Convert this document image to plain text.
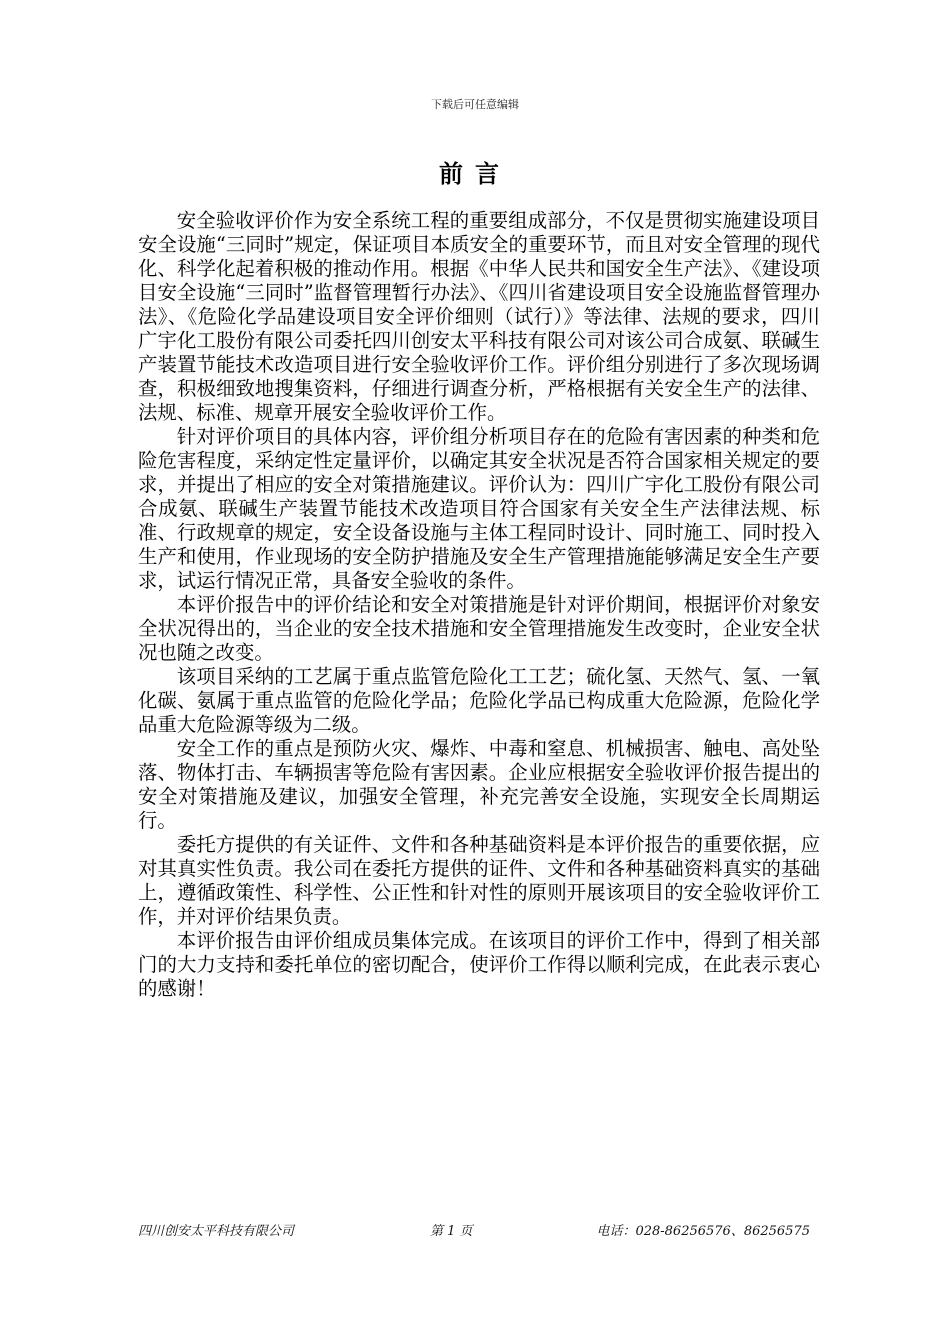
下载后可任意编辑
前言

安全验收评价作为安全系统工程的重要组成部分，不仅是贯彻实施建设项目安全设施“三同时”规定，保证项目本质安全的重要环节，而且对安全管理的现代化、科学化起着积极的推动作用。根据《中华人民共和国安全生产法》、《建设项目安全设施“三同时”监督管理暂行办法》、《四川省建设项目安全设施监督管理办法》、《危险化学品建设项目安全评价细则（试行）》等法律、法规的要求，四川广宇化工股份有限公司委托四川创安太平科技有限公司对该公司合成氨、联碱生产装置节能技术改造项目进行安全验收评价工作。评价组分别进行了多次现场调查，积极细致地搜集资料，仔细进行调查分析，严格根据有关安全生产的法律、法规、标准、规章开展安全验收评价工作。

针对评价项目的具体内容，评价组分析项目存在的危险有害因素的种类和危险危害程度，采纳定性定量评价，以确定其安全状况是否符合国家相关规定的要求，并提出了相应的安全对策措施建议。评价认为：四川广宇化工股份有限公司合成氨、联碱生产装置节能技术改造项目符合国家有关安全生产法律法规、标准、行政规章的规定，安全设备设施与主体工程同时设计、同时施工、同时投入生产和使用，作业现场的安全防护措施及安全生产管理措施能够满足安全生产要求，试运行情况正常，具备安全验收的条件。

本评价报告中的评价结论和安全对策措施是针对评价期间，根据评价对象安全状况得出的，当企业的安全技术措施和安全管理措施发生改变时，企业安全状况也随之改变。

该项目采纳的工艺属于重点监管危险化工工艺；硫化氢、天然气、氢、一氧化碳、氨属于重点监管的危险化学品；危险化学品已构成重大危险源，危险化学品重大危险源等级为二级。

安全工作的重点是预防火灾、爆炸、中毒和窒息、机械损害、触电、高处坠落、物体打击、车辆损害等危险有害因素。企业应根据安全验收评价报告提出的安全对策措施及建议，加强安全管理，补充完善安全设施，实现安全长周期运行。

委托方提供的有关证件、文件和各种基础资料是本评价报告的重要依据，应对其真实性负责。我公司在委托方提供的证件、文件和各种基础资料真实的基础上，遵循政策性、科学性、公正性和针对性的原则开展该项目的安全验收评价工作，并对评价结果负责。

本评价报告由评价组成员集体完成。在该项目的评价工作中，得到了相关部门的大力支持和委托单位的密切配合，使评价工作得以顺利完成，在此表示衷心的感谢！

四川创安太平科技有限公司	第 1 页	电话：028-86256576、86256575
